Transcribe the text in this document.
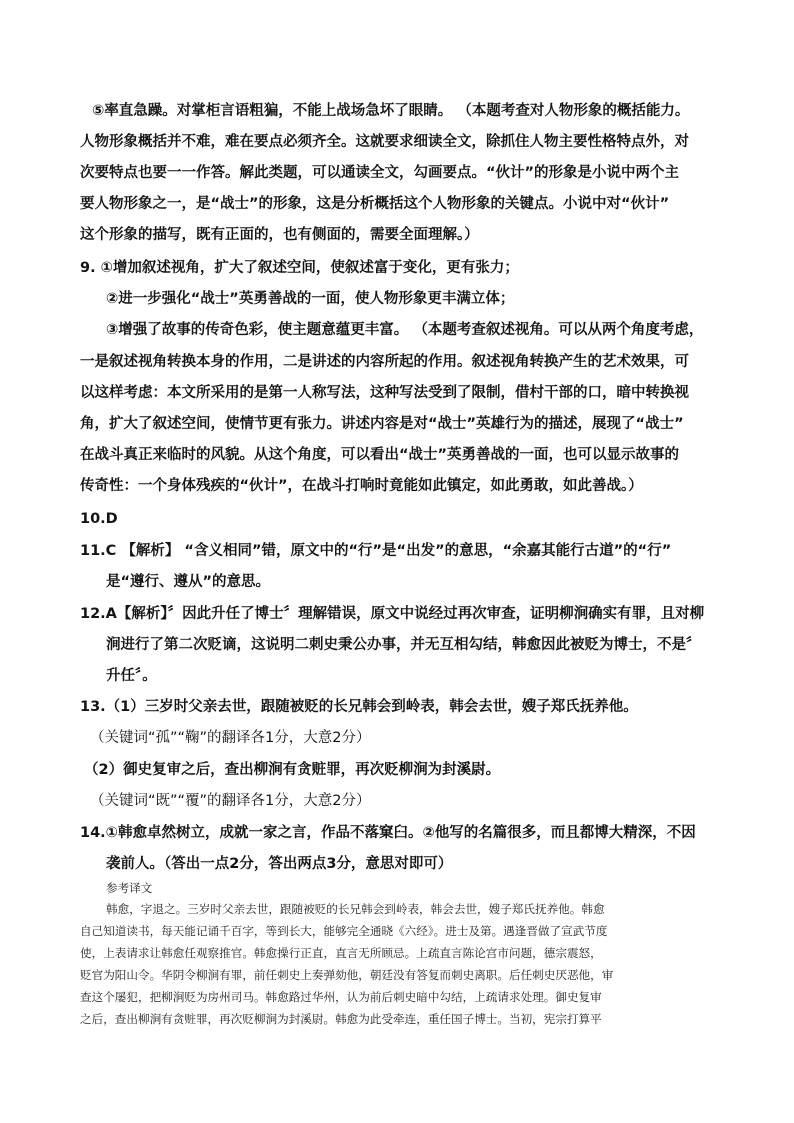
⑤率直急躁。对掌柜言语粗猵，不能上战场急坏了眼睛。 （本题考查对人物形象的概括能力。
人物形象概括并不难，难在要点必须齐全。这就要求细读全文，除抓住人物主要性格特点外，对
次要特点也要一一作答。解此类题，可以通读全文，勾画要点。“伙计”的形象是小说中两个主
要人物形象之一，是“战士”的形象，这是分析概括这个人物形象的关键点。小说中对“伙计”
这个形象的描写，既有正面的，也有侧面的，需要全面理解。）
9. ①增加叙述视角，扩大了叙述空间，使叙述富于变化，更有张力；
②进一步强化“战士”英勇善战的一面，使人物形象更丰满立体；
③增强了故事的传奇色彩，使主题意蕴更丰富。 （本题考查叙述视角。可以从两个角度考虑，
一是叙述视角转换本身的作用，二是讲述的内容所起的作用。叙述视角转换产生的艺术效果，可
以这样考虑：本文所采用的是第一人称写法，这种写法受到了限制，借村干部的口，暗中转换视
角，扩大了叙述空间，使情节更有张力。讲述内容是对“战士”英雄行为的描述，展现了“战士”
在战斗真正来临时的风貌。从这个角度，可以看出“战士”英勇善战的一面，也可以显示故事的
传奇性：一个身体残疾的“伙计”，在战斗打响时竟能如此镇定，如此勇敢，如此善战。）
10.D
11.C 【解析】 “含义相同”错，原文中的“行”是“出发”的意思，“余嘉其能行古道”的“行”
是“遵行、遵从”的意思。
12.A【解析】〞因此升任了博士〞理解错误，原文中说经过再次审查，证明柳涧确实有罪，且对柳
涧进行了第二次贬谪，这说明二刺史秉公办事，并无互相勾结，韩愈因此被贬为博士，不是〞
升任〞。
13.（1）三岁时父亲去世，跟随被贬的长兄韩会到岭表，韩会去世，嫂子郑氏抚养他。
（关键词“孤”“鞠”的翻译各1分，大意2分）
（2）御史复审之后，查出柳涧有贪赃罪，再次贬柳涧为封溪尉。
（关键词“既”“覆”的翻译各1分，大意2分）
14.①韩愈卓然树立，成就一家之言，作品不落窠臼。②他写的名篇很多，而且都博大精深，不因
袭前人。（答出一点2分，答出两点3分，意思对即可）
参考译文
韩愈，字退之。三岁时父亲去世，跟随被贬的长兄韩会到岭表，韩会去世，嫂子郑氏抚养他。韩愈
自己知道读书，每天能记诵千百字，等到长大，能够完全通晓《六经》。进士及第。遇逢晋做了宣武节度
使，上表请求让韩愈任观察推官。韩愈操行正直，直言无所顾忌。上疏直言陈论宫市问题，德宗震怒，
贬官为阳山令。华阴令柳涧有罪，前任刺史上奏弹劾他，朝廷没有答复而刺史离职。后任刺史厌恶他，审
查这个屡犯，把柳涧贬为房州司马。韩愈路过华州，认为前后刺史暗中勾结，上疏请求处理。御史复审
之后，查出柳涧有贪赃罪，再次贬柳涧为封溪尉。韩愈为此受牵连，重任国子博士。当初，宪宗打算平
